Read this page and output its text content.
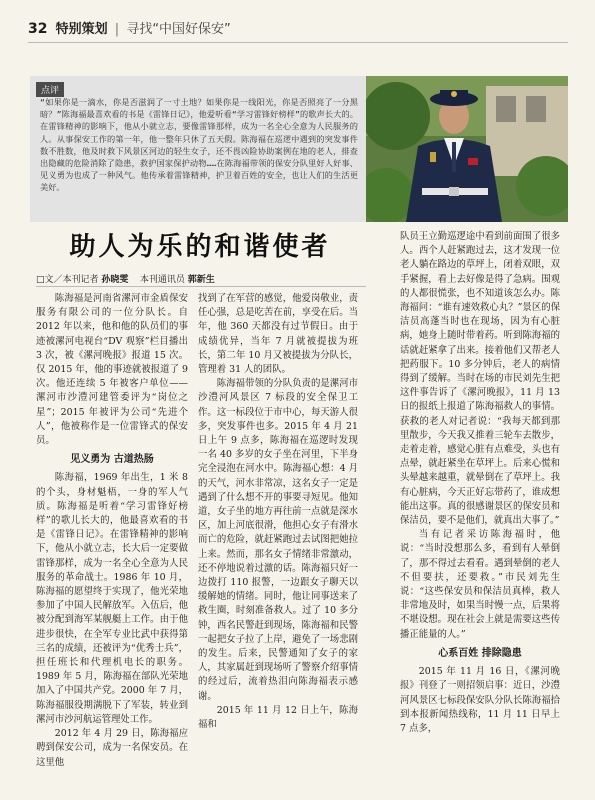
32 特别策划 | 寻找“中国好保安”
点评
“如果你是一滴水，你是否滋润了一寸土地？如果你是一线阳光，你是否照亮了一分黑暗？”陈海福最喜欢看的书是《雷锋日记》，他爱听看“学习雷锋好榜样”的歌声长大的。在雷锋精神的影响下，他从小就立志，要像雷锋那样，成为一名全心全意为人民服务的人。从事保安工作的第一年，他一整年只休了五天假。陈海福在巡逻中遇到的突发事件数不胜数，他及时救下风景区河边的轻生女子，还不畏凶险协助案例在地的老人，排查出隐藏的危险消除了隐患，救护国家保护动物……在陈海福带领的保安分队里好人好事、见义勇为也成了一种风气。他传承着雷锋精神，护卫着百姓的安全，也让人们的生活更美好。
助人为乐的和谐使者
□文／本刊记者 孙晓雯 本刊通讯员 郭新生

陈海福是河南省漯河市金盾保安服务有限公司的一位分队长。自 2012 年以来，他和他的队员们的事迹被漯河电视台“DV 观察”栏目播出 3 次，被《漯河晚报》报道 15 次。仅 2015 年，他的事迹就被报道了 9 次。他还连续 5 年被客户单位——漯河市沙澧河建管委评为“岗位之星”；2015 年被评为公司“先进个人”，他被称作是一位雷锋式的保安员。

见义勇为 古道热肠

陈海福，1969 年出生，1 米 8 的个头，身材魁梧，一身的军人气质。陈海福是听着“学习雷锋好榜样”的歌儿长大的，他最喜欢看的书是《雷锋日记》。在雷锋精神的影响下，他从小就立志，长大后一定要做雷锋那样，成为一名全心全意为人民服务的革命战士。1986 年 10 月，陈海福的愿望终于实现了，他光荣地参加了中国人民解放军。入伍后，他被分配到海军某舰艇上工作。由于他进步很快，在全军专业比武中获得第三名的成绩，还被评为“优秀士兵”，担任班长和代理机电长的职务。1989 年 5 月，陈海福在部队光荣地加入了中国共产党。2000 年 7 月，陈海福服役期满脱下了军装，转业到漯河市沙河航运管理处工作。

2012 年 4 月 29 日，陈海福应聘到保安公司，成为一名保安员。在这里他

找到了在军营的感觉，他爱岗敬业，责任心强，总是吃苦在前，享受在后。当年，他 360 天都没有过节假日。由于成绩优异，当年 7 月就被提拔为班长，第二年 10 月又被提拔为分队长，管理着 31 人的团队。

陈海福带领的分队负责的是漯河市沙澧河风景区 7 标段的安全保卫工作。这一标段位于市中心，每天游人很多，突发事件也多。2015 年 4 月 21 日上午 9 点多，陈海福在巡逻时发现一名 40 多岁的女子坐在河里，下半身完全浸泡在河水中。陈海福心想：4 月的天气，河水非常凉，这名女子一定是遇到了什么想不开的事要寻短见。他知道，女子坐的地方再往前一点就是深水区，加上河底很滑，他担心女子有滑水而亡的危险，就赶紧跑过去试图把她拉上来。然而，那名女子情绪非常激动，还不停地说着过激的话。陈海福只好一边拨打 110 报警，一边跟女子聊天以缓解她的情绪。同时，他让同事送来了救生圈，时刻准备救人。过了 10 多分钟，西名民警赶到现场，陈海福和民警一起把女子拉了上岸，避免了一场悲剧的发生。后来，民警通知了女子的家人，其家属赶到现场听了警察介绍事情的经过后，流着热泪向陈海福表示感谢。

2015 年 11 月 12 日上午，陈海福和

队员王立勤巡逻途中看到前面围了很多人。西个人赶紧跑过去，这才发现一位老人躺在路边的草坪上，闭着双眼，双手紧握，看上去好像是得了急病。围观的人都很慌张，也不知道该怎么办。陈海福问：“谁有速效救心丸？”景区的保洁员高蓬当时也在现场，因为有心脏病，她身上随时带着药。听到陈海福的话就赶紧拿了出来。接着他们又帮老人把药服下。10 多分钟后，老人的病情得到了缓解。当时在场的市民刘先生把这件事告诉了《漯河晚报》，11 月 13 日的报纸上报道了陈海福救人的事情。获救的老人对记者说：“我每天都到那里散步，今天我又推着三轮车去散步，走着走着，感觉心脏有点难受，头也有点晕，就赶紧坐在草坪上。后来心慌和头晕越来越重，就晕倒在了草坪上。我有心脏病，今天正好忘带药了，谁成想能出这事。真的很感谢景区的保安员和保洁员，要不是他们，就真出大事了。”

当有记者采访陈海福时，他说：“当时没想那么多，看到有人晕倒了，那不得过去看看。遇到晕倒的老人不但要扶，还要救。”市民刘先生说：“这些保安员和保洁员真棒，救人非常地及时，如果当时慢一点，后果将不堪设想。现在社会上就是需要这些传播正能量的人。”

心系百姓 排除隐患

2015 年 11 月 16 日，《漯河晚报》刊登了一则招领启事：近日，沙澧河风景区七标段保安队分队长陈海福拾到本报新闻热线称，11 月 11 日早上 7 点多，
